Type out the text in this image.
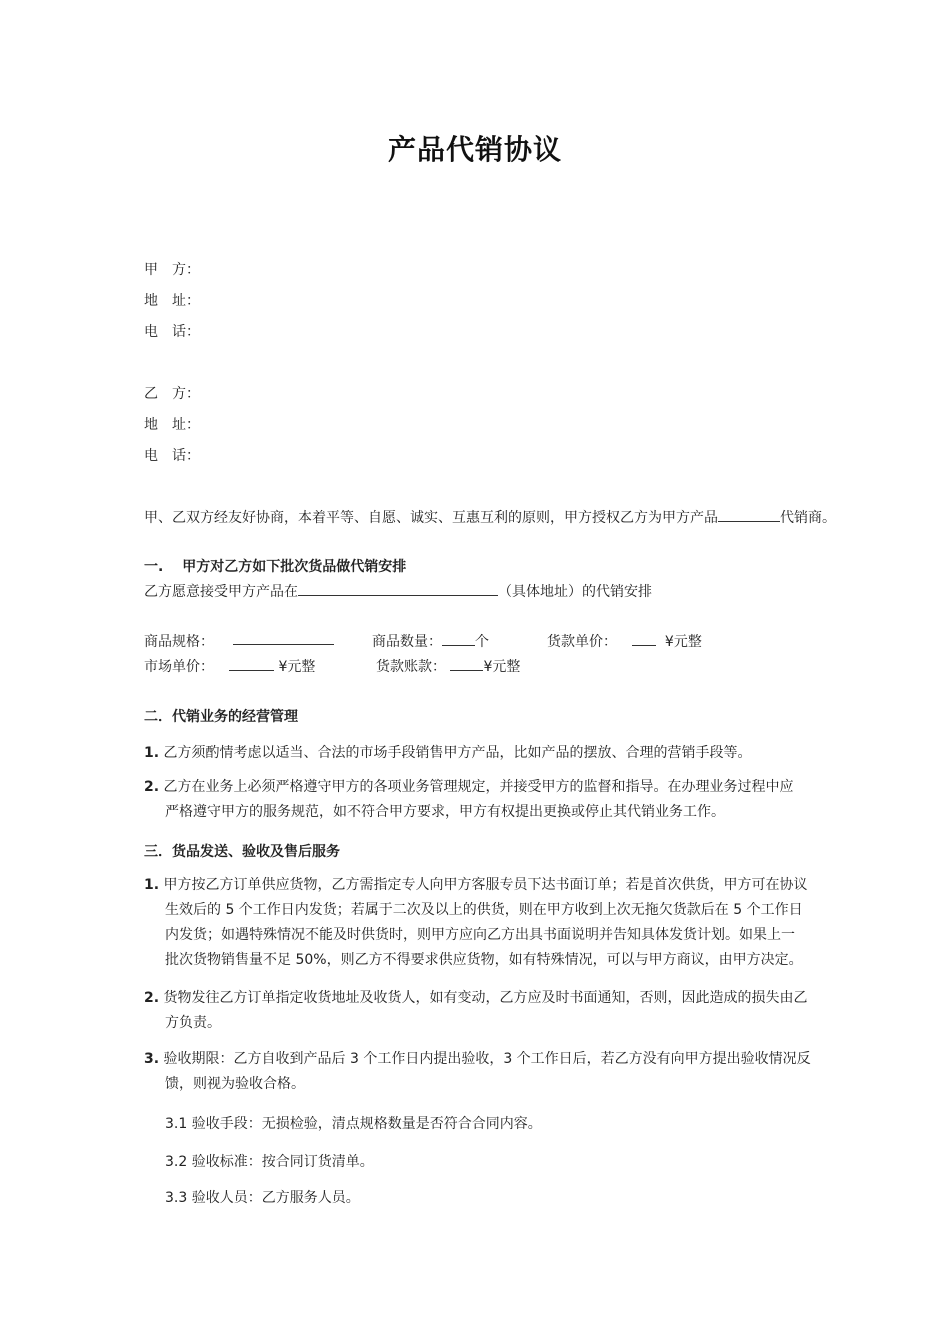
产品代销协议
甲　方：
地　址：
电　话：
乙　方：
地　址：
电　话：
甲、乙双方经友好协商，本着平等、自愿、诚实、互惠互利的原则，甲方授权乙方为甲方产品	代销商。
一.　 甲方对乙方如下批次货品做代销安排
乙方愿意接受甲方产品在	（具体地址）的代销安排
商品规格：	商品数量： 个	货款单价：	¥元整
市场单价：	¥元整	货款账款：	¥元整
二．代销业务的经营管理
1. 乙方须酌情考虑以适当、合法的市场手段销售甲方产品，比如产品的摆放、合理的营销手段等。
2. 乙方在业务上必须严格遵守甲方的各项业务管理规定，并接受甲方的监督和指导。在办理业务过程中应
严格遵守甲方的服务规范，如不符合甲方要求，甲方有权提出更换或停止其代销业务工作。
三．货品发送、验收及售后服务
1. 甲方按乙方订单供应货物，乙方需指定专人向甲方客服专员下达书面订单；若是首次供货，甲方可在协议
生效后的 5 个工作日内发货；若属于二次及以上的供货，则在甲方收到上次无拖欠货款后在 5 个工作日
内发货；如遇特殊情况不能及时供货时，则甲方应向乙方出具书面说明并告知具体发货计划。如果上一
批次货物销售量不足 50%，则乙方不得要求供应货物，如有特殊情况，可以与甲方商议，由甲方决定。
2. 货物发往乙方订单指定收货地址及收货人，如有变动，乙方应及时书面通知，否则，因此造成的损失由乙
方负责。
3. 验收期限：乙方自收到产品后 3 个工作日内提出验收，3 个工作日后，若乙方没有向甲方提出验收情况反
馈，则视为验收合格。
3.1 验收手段：无损检验，清点规格数量是否符合合同内容。
3.2 验收标准：按合同订货清单。
3.3 验收人员：乙方服务人员。
